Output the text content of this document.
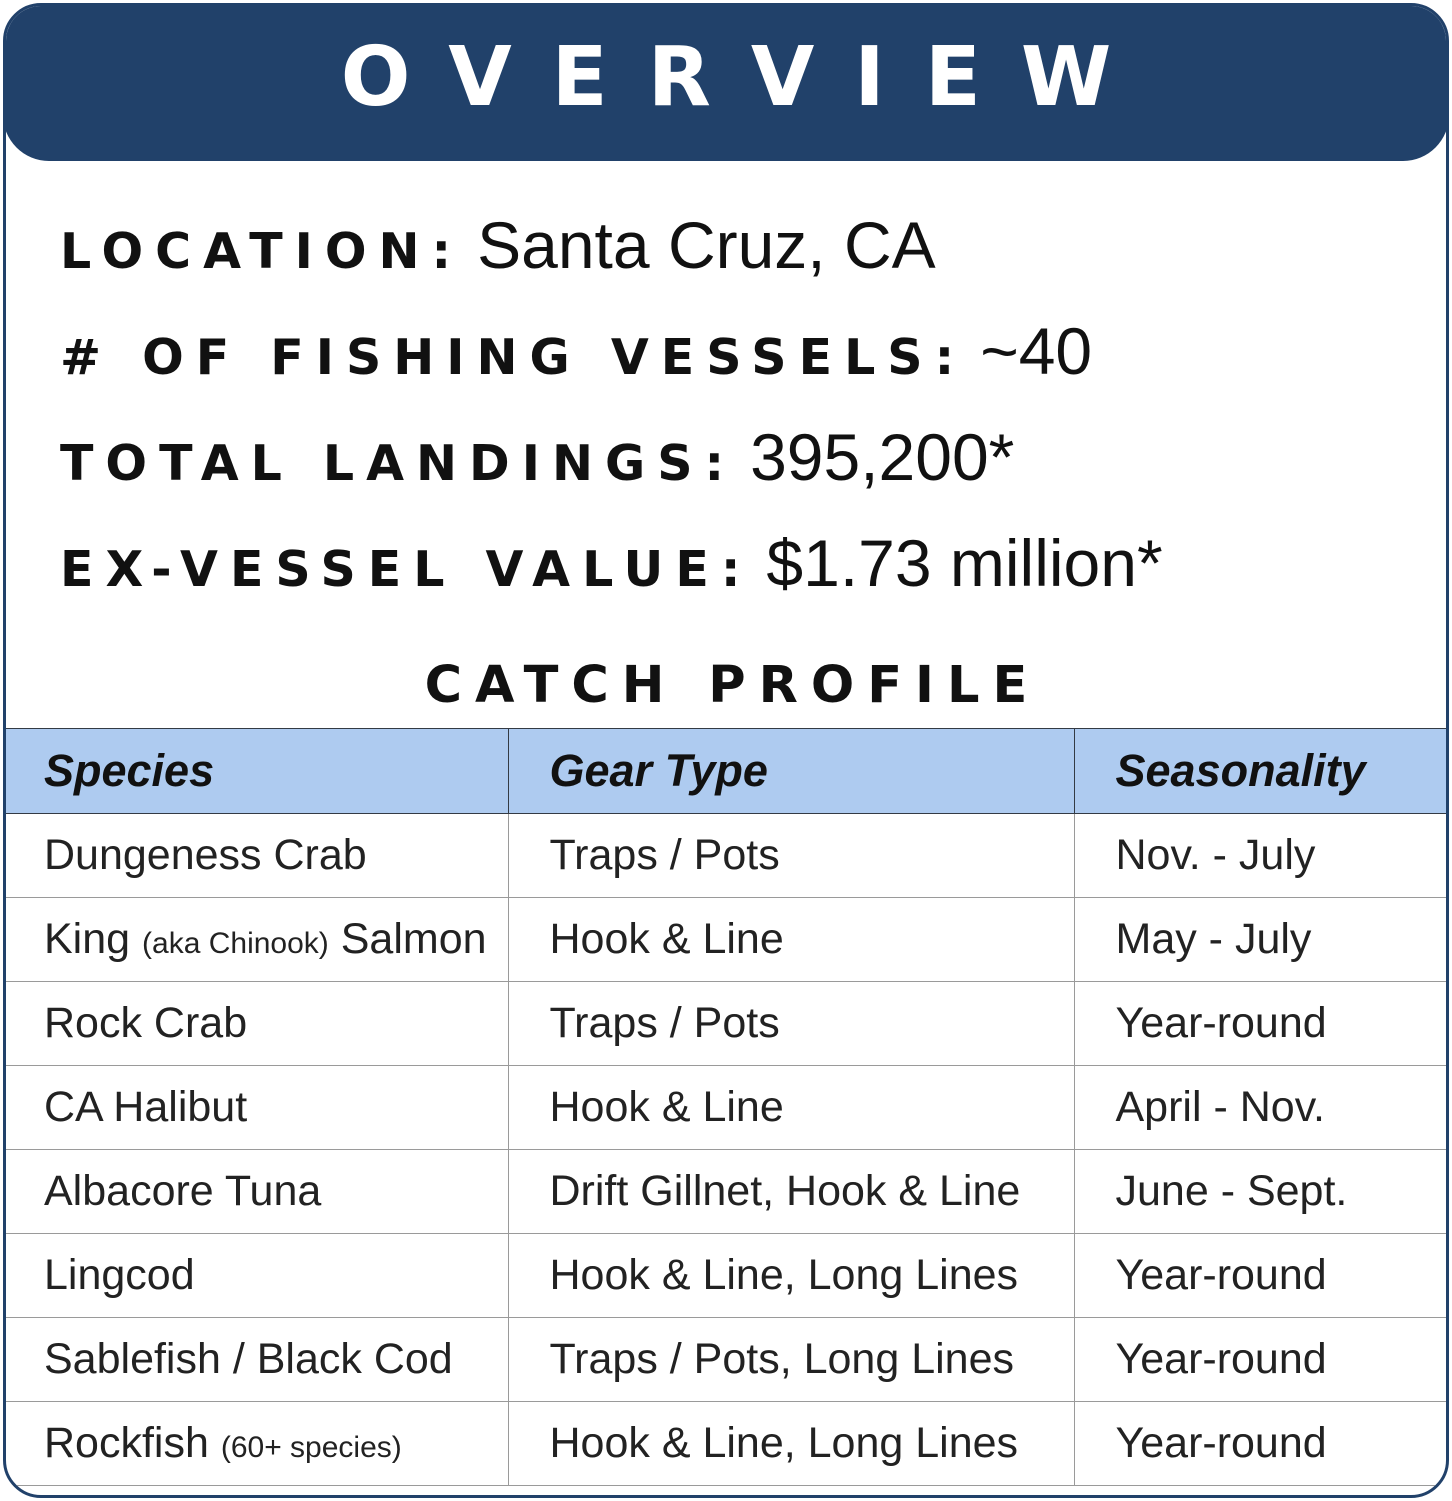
OVERVIEW
LOCATION: Santa Cruz, CA
# OF FISHING VESSELS: ~40
TOTAL LANDINGS: 395,200*
EX-VESSEL VALUE: $1.73 million*
CATCH PROFILE
Species	Gear Type	Seasonality
Dungeness Crab	Traps / Pots	Nov. - July
King (aka Chinook) Salmon	Hook & Line	May - July
Rock Crab	Traps / Pots	Year-round
CA Halibut	Hook & Line	April - Nov.
Albacore Tuna	Drift Gillnet, Hook & Line	June - Sept.
Lingcod	Hook & Line, Long Lines	Year-round
Sablefish / Black Cod	Traps / Pots, Long Lines	Year-round
Rockfish (60+ species)	Hook & Line, Long Lines	Year-round
